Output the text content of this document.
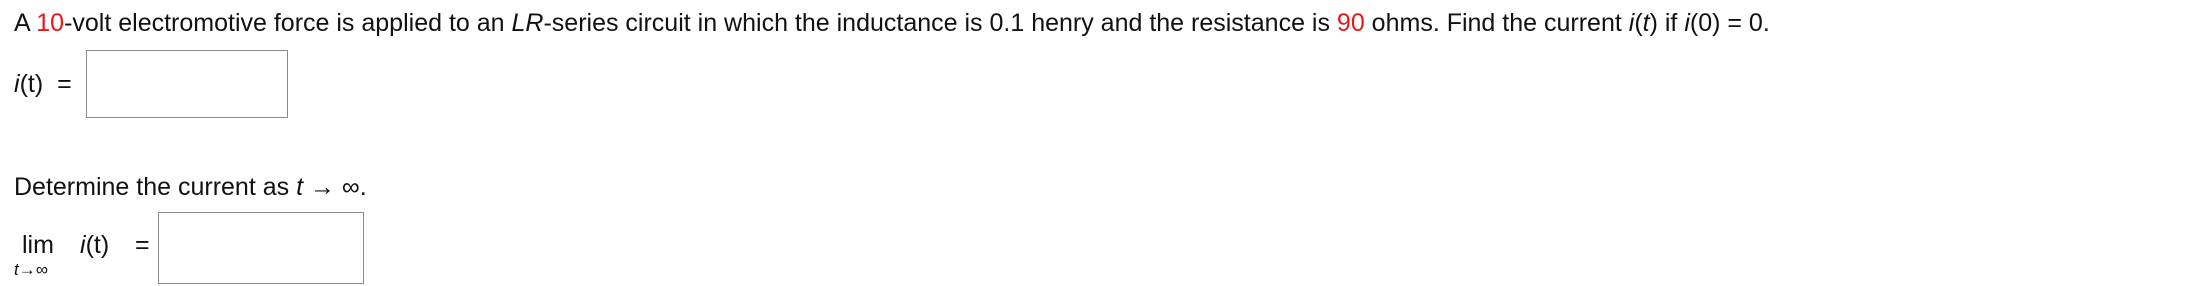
A 10-volt electromotive force is applied to an LR-series circuit in which the inductance is 0.1 henry and the resistance is 90 ohms. Find the current i(t) if i(0) = 0.
i(t) =
Determine the current as t → ∞.
lim
t→∞
i(t) =
